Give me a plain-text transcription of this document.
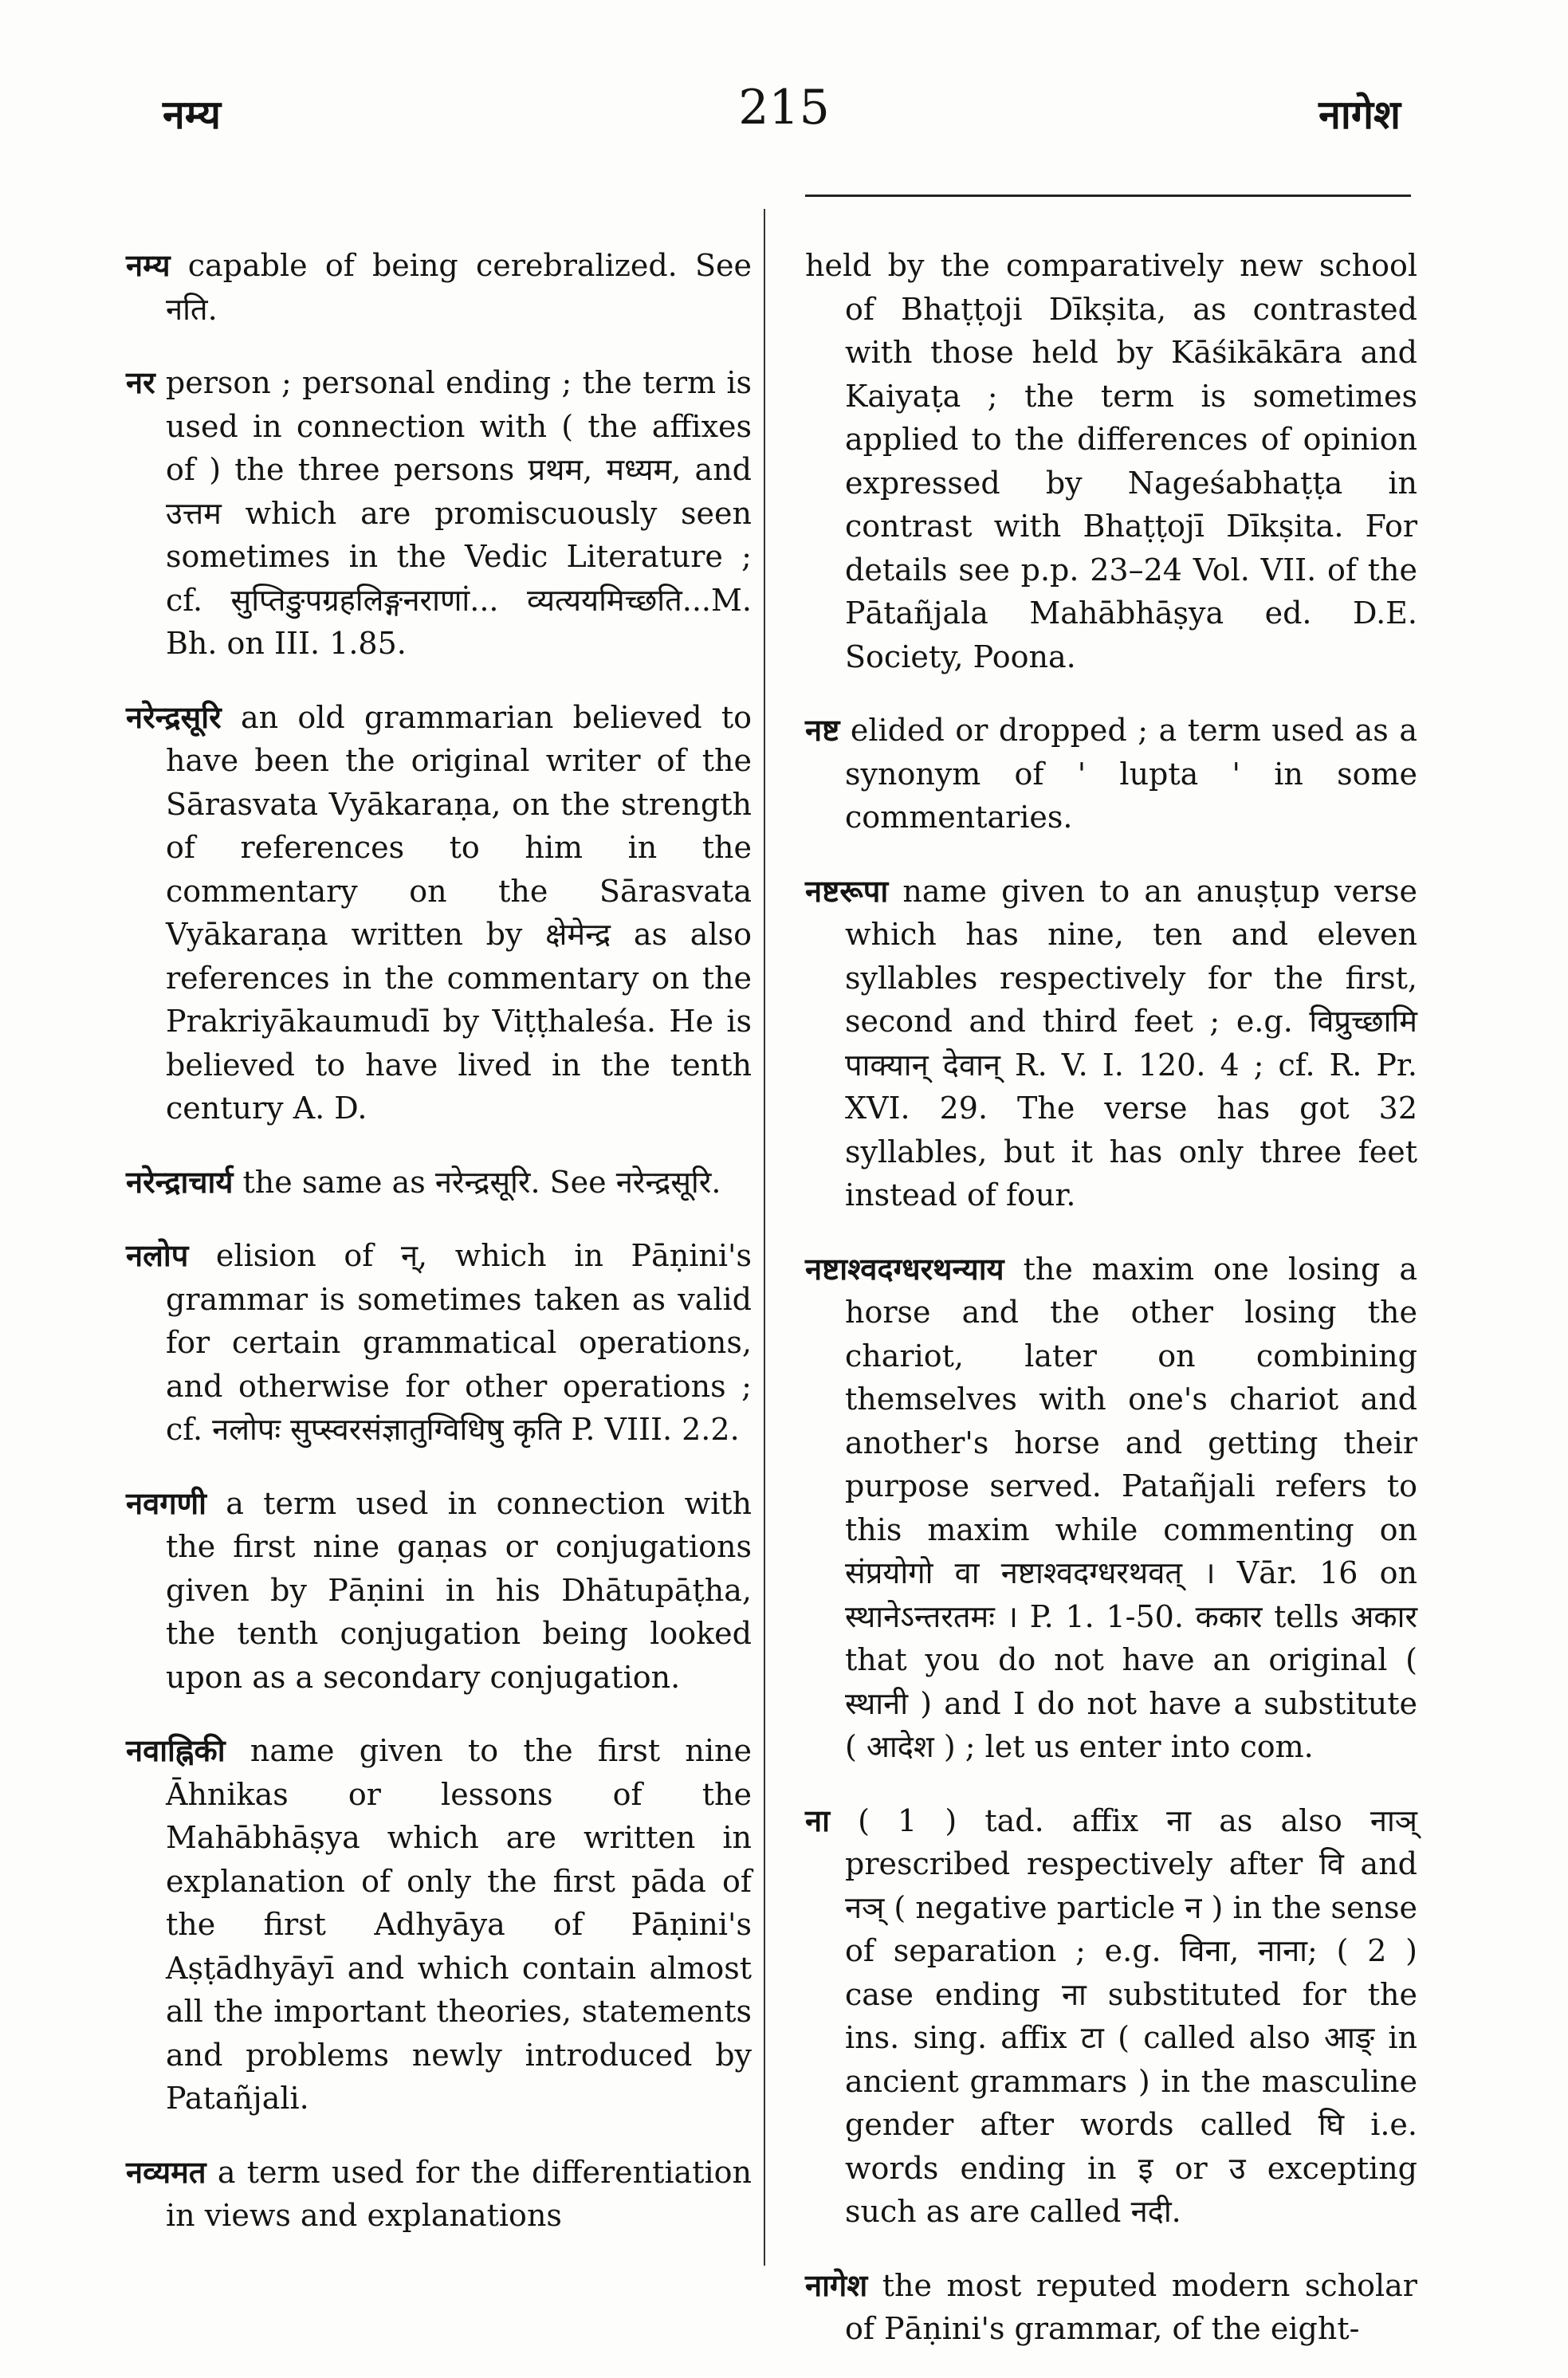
नम्य	215	नागेश

नम्य capable of being cerebralized. See नति.

नर person ; personal ending ; the term is used in connection with ( the affixes of ) the three persons प्रथम, मध्यम, and उत्तम which are promiscuously seen sometimes in the Vedic Literature ; cf. सुप्तिङुपग्रहलिङ्गनराणां... व्यत्ययमिच्छति...M. Bh. on III. 1.85.

नरेन्द्रसूरि an old grammarian believed to have been the original writer of the Sārasvata Vyākaraṇa, on the strength of references to him in the commentary on the Sārasvata Vyākaraṇa written by क्षेमेन्द्र as also references in the commentary on the Prakriyākaumudī by Viṭṭhaleśa. He is believed to have lived in the tenth century A. D.

नरेन्द्राचार्य the same as नरेन्द्रसूरि. See नरेन्द्रसूरि.

नलोप elision of न्, which in Pāṇini's grammar is sometimes taken as valid for certain grammatical operations, and otherwise for other operations ; cf. नलोपः सुप्स्वरसंज्ञातुग्विधिषु कृति P. VIII. 2.2.

नवगणी a term used in connection with the first nine gaṇas or conjugations given by Pāṇini in his Dhātupāṭha, the tenth conjugation being looked upon as a secondary conjugation.

नवाह्निकी name given to the first nine Āhnikas or lessons of the Mahābhāṣya which are written in explanation of only the first pāda of the first Adhyāya of Pāṇini's Aṣṭādhyāyī and which contain almost all the important theories, statements and problems newly introduced by Patañjali.

नव्यमत a term used for the differentiation in views and explanations

held by the comparatively new school of Bhaṭṭoji Dīkṣita, as contrasted with those held by Kāśikākāra and Kaiyaṭa ; the term is sometimes applied to the differences of opinion expressed by Nageśabhaṭṭa in contrast with Bhaṭṭojī Dīkṣita. For details see p.p. 23–24 Vol. VII. of the Pātañjala Mahābhāṣya ed. D.E. Society, Poona.

नष्ट elided or dropped ; a term used as a synonym of ' lupta ' in some commentaries.

नष्टरूपा name given to an anuṣṭup verse which has nine, ten and eleven syllables respectively for the first, second and third feet ; e.g. विप्रुच्छामि पाक्यान् देवान् R. V. I. 120. 4 ; cf. R. Pr. XVI. 29. The verse has got 32 syllables, but it has only three feet instead of four.

नष्टाश्वदग्धरथन्याय the maxim one losing a horse and the other losing the chariot, later on combining themselves with one's chariot and another's horse and getting their purpose served. Patañjali refers to this maxim while commenting on संप्रयोगो वा नष्टाश्वदग्धरथवत् । Vār. 16 on स्थानेऽन्तरतमः । P. 1. 1-50. ककार tells अकार that you do not have an original ( स्थानी ) and I do not have a substitute ( आदेश ) ; let us enter into com.

ना ( 1 ) tad. affix ना as also नाञ् prescribed respectively after वि and नञ् ( negative particle न ) in the sense of separation ; e.g. विना, नाना; ( 2 ) case ending ना substituted for the ins. sing. affix टा ( called also आङ् in ancient grammars ) in the masculine gender after words called घि i.e. words ending in इ or उ excepting such as are called नदी.

नागेश the most reputed modern scholar of Pāṇini's grammar, of the eight-
